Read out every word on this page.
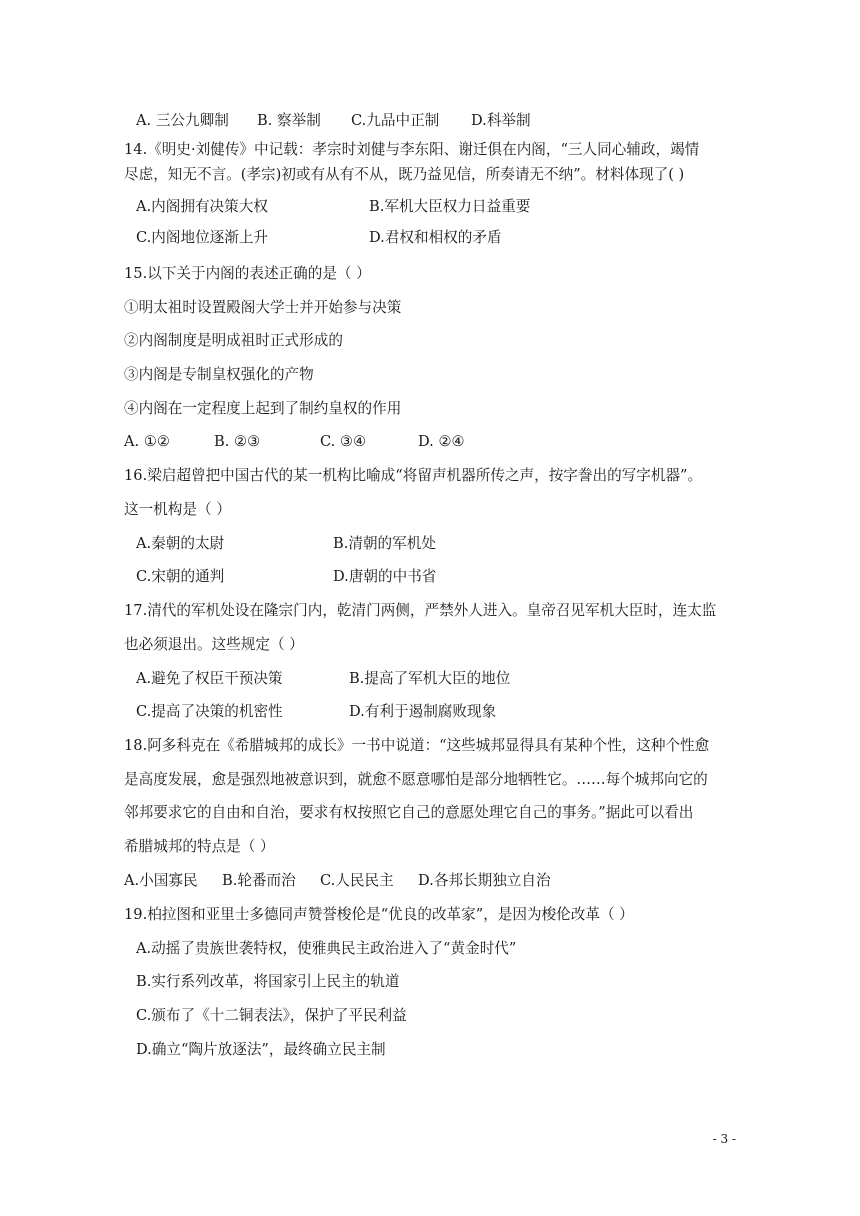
A. 三公九卿制 B. 察举制 C.九品中正制 D.科举制
14.《明史·刘健传》中记载：孝宗时刘健与李东阳、谢迁俱在内阁，“三人同心辅政，竭情
尽虑，知无不言。(孝宗)初或有从有不从，既乃益见信，所奏请无不纳”。材料体现了( )
A.内阁拥有决策大权	B.军机大臣权力日益重要
C.内阁地位逐渐上升	D.君权和相权的矛盾
15.以下关于内阁的表述正确的是（ ）
①明太祖时设置殿阁大学士并开始参与决策
②内阁制度是明成祖时正式形成的
③内阁是专制皇权强化的产物
④内阁在一定程度上起到了制约皇权的作用
A. ①②	B. ②③	C. ③④	D. ②④
16.梁启超曾把中国古代的某一机构比喻成“将留声机器所传之声，按字誊出的写字机器”。
这一机构是（ ）
A.秦朝的太尉	B.清朝的军机处
C.宋朝的通判	D.唐朝的中书省
17.清代的军机处设在隆宗门内，乾清门两侧，严禁外人进入。皇帝召见军机大臣时，连太监
也必须退出。这些规定（ ）
A.避免了权臣干预决策	B.提高了军机大臣的地位
C.提高了决策的机密性	D.有利于遏制腐败现象
18.阿多科克在《希腊城邦的成长》一书中说道：“这些城邦显得具有某种个性，这种个性愈
是高度发展，愈是强烈地被意识到，就愈不愿意哪怕是部分地牺牲它。……每个城邦向它的
邻邦要求它的自由和自治，要求有权按照它自己的意愿处理它自己的事务。”据此可以看出
希腊城邦的特点是（ ）
A.小国寡民 B.轮番而治 C.人民民主 D.各邦长期独立自治
19.柏拉图和亚里士多德同声赞誉梭伦是“优良的改革家”，是因为梭伦改革（ ）
A.动摇了贵族世袭特权，使雅典民主政治进入了“黄金时代”
B.实行系列改革，将国家引上民主的轨道
C.颁布了《十二铜表法》，保护了平民利益
D.确立“陶片放逐法”，最终确立民主制
- 3 -
